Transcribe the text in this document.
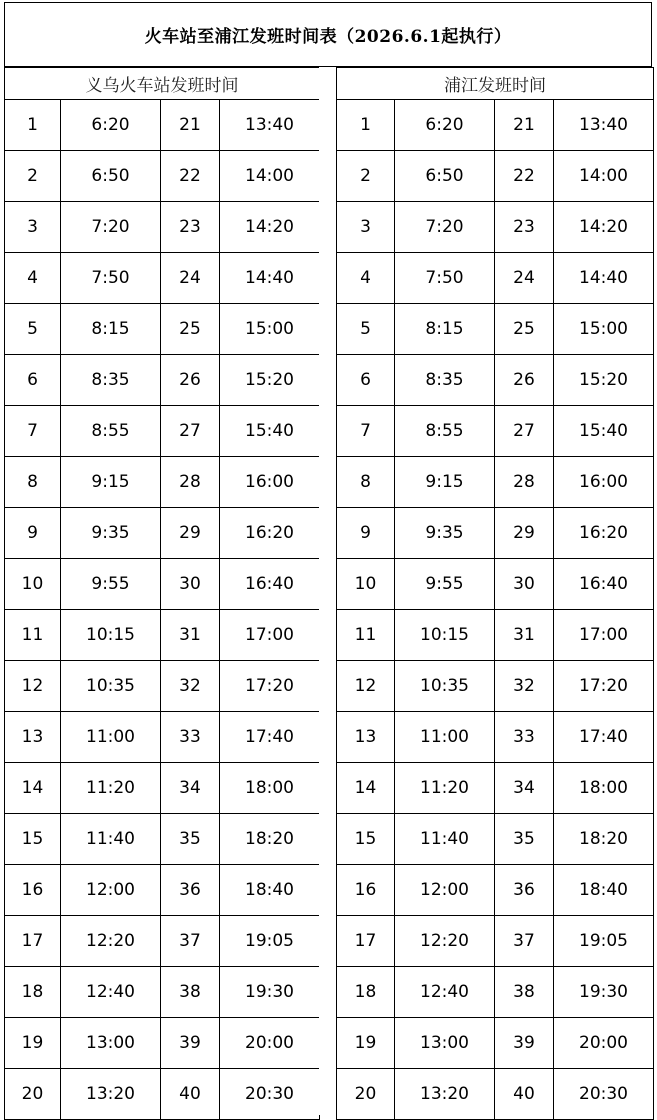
火车站至浦江发班时间表（2026.6.1起执行）
义乌火车站发班时间			
1	6:20	21	13:40
2	6:50	22	14:00
3	7:20	23	14:20
4	7:50	24	14:40
5	8:15	25	15:00
6	8:35	26	15:20
7	8:55	27	15:40
8	9:15	28	16:00
9	9:35	29	16:20
10	9:55	30	16:40
11	10:15	31	17:00
12	10:35	32	17:20
13	11:00	33	17:40
14	11:20	34	18:00
15	11:40	35	18:20
16	12:00	36	18:40
17	12:20	37	19:05
18	12:40	38	19:30
19	13:00	39	20:00
20	13:20	40	20:30
浦江发班时间			
1	6:20	21	13:40
2	6:50	22	14:00
3	7:20	23	14:20
4	7:50	24	14:40
5	8:15	25	15:00
6	8:35	26	15:20
7	8:55	27	15:40
8	9:15	28	16:00
9	9:35	29	16:20
10	9:55	30	16:40
11	10:15	31	17:00
12	10:35	32	17:20
13	11:00	33	17:40
14	11:20	34	18:00
15	11:40	35	18:20
16	12:00	36	18:40
17	12:20	37	19:05
18	12:40	38	19:30
19	13:00	39	20:00
20	13:20	40	20:30
